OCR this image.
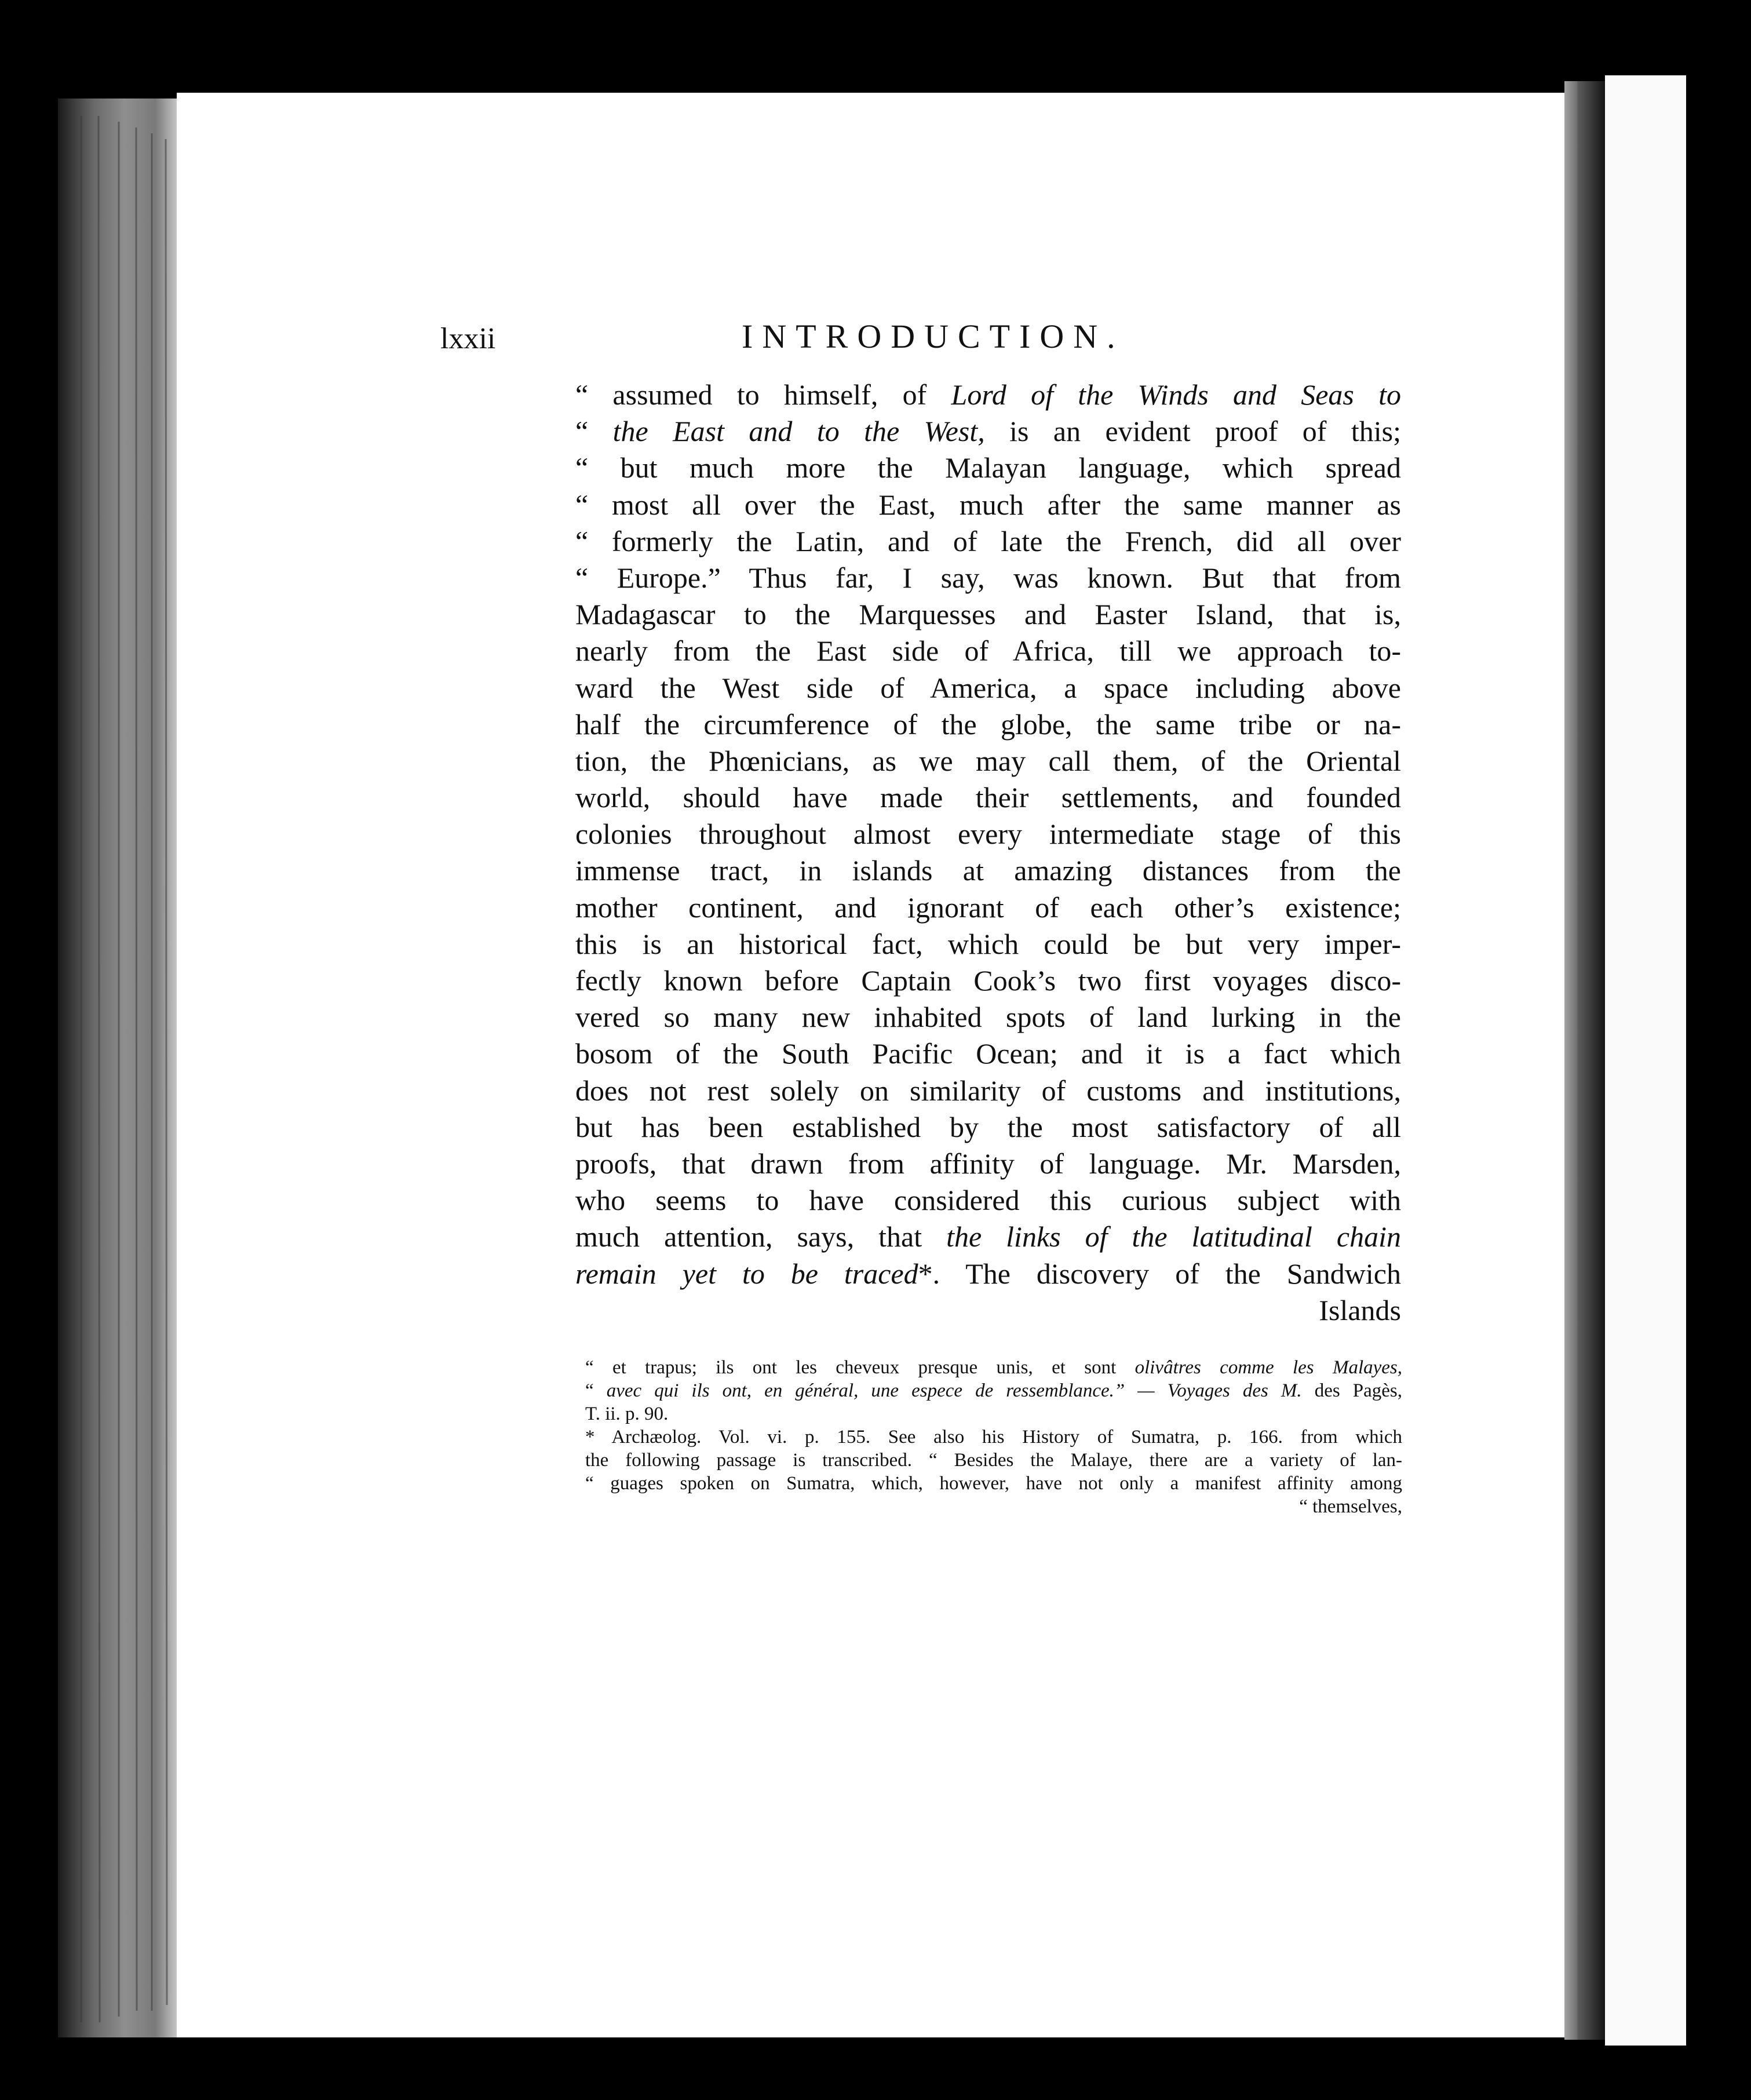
lxxii	INTRODUCTION.
“ assumed to himself, of Lord of the Winds and Seas to
“ the East and to the West, is an evident proof of this;
“ but much more the Malayan language, which spread
“ most all over the East, much after the same manner as
“ formerly the Latin, and of late the French, did all over
“ Europe.” Thus far, I say, was known. But that from
Madagascar to the Marquesses and Easter Island, that is,
nearly from the East side of Africa, till we approach to-
ward the West side of America, a space including above
half the circumference of the globe, the same tribe or na-
tion, the Phœnicians, as we may call them, of the Oriental
world, should have made their settlements, and founded
colonies throughout almost every intermediate stage of this
immense tract, in islands at amazing distances from the
mother continent, and ignorant of each other’s existence;
this is an historical fact, which could be but very imper-
fectly known before Captain Cook’s two first voyages disco-
vered so many new inhabited spots of land lurking in the
bosom of the South Pacific Ocean; and it is a fact which
does not rest solely on similarity of customs and institutions,
but has been established by the most satisfactory of all
proofs, that drawn from affinity of language. Mr. Marsden,
who seems to have considered this curious subject with
much attention, says, that the links of the latitudinal chain
remain yet to be traced*. The discovery of the Sandwich
Islands
“ et trapus; ils ont les cheveux presque unis, et sont olivâtres comme les Malayes,
“ avec qui ils ont, en général, une espece de ressemblance.” — Voyages des M. des Pagès,
T. ii. p. 90.
* Archæolog. Vol. vi. p. 155. See also his History of Sumatra, p. 166. from which
the following passage is transcribed. “ Besides the Malaye, there are a variety of lan-
“ guages spoken on Sumatra, which, however, have not only a manifest affinity among
“ themselves,
